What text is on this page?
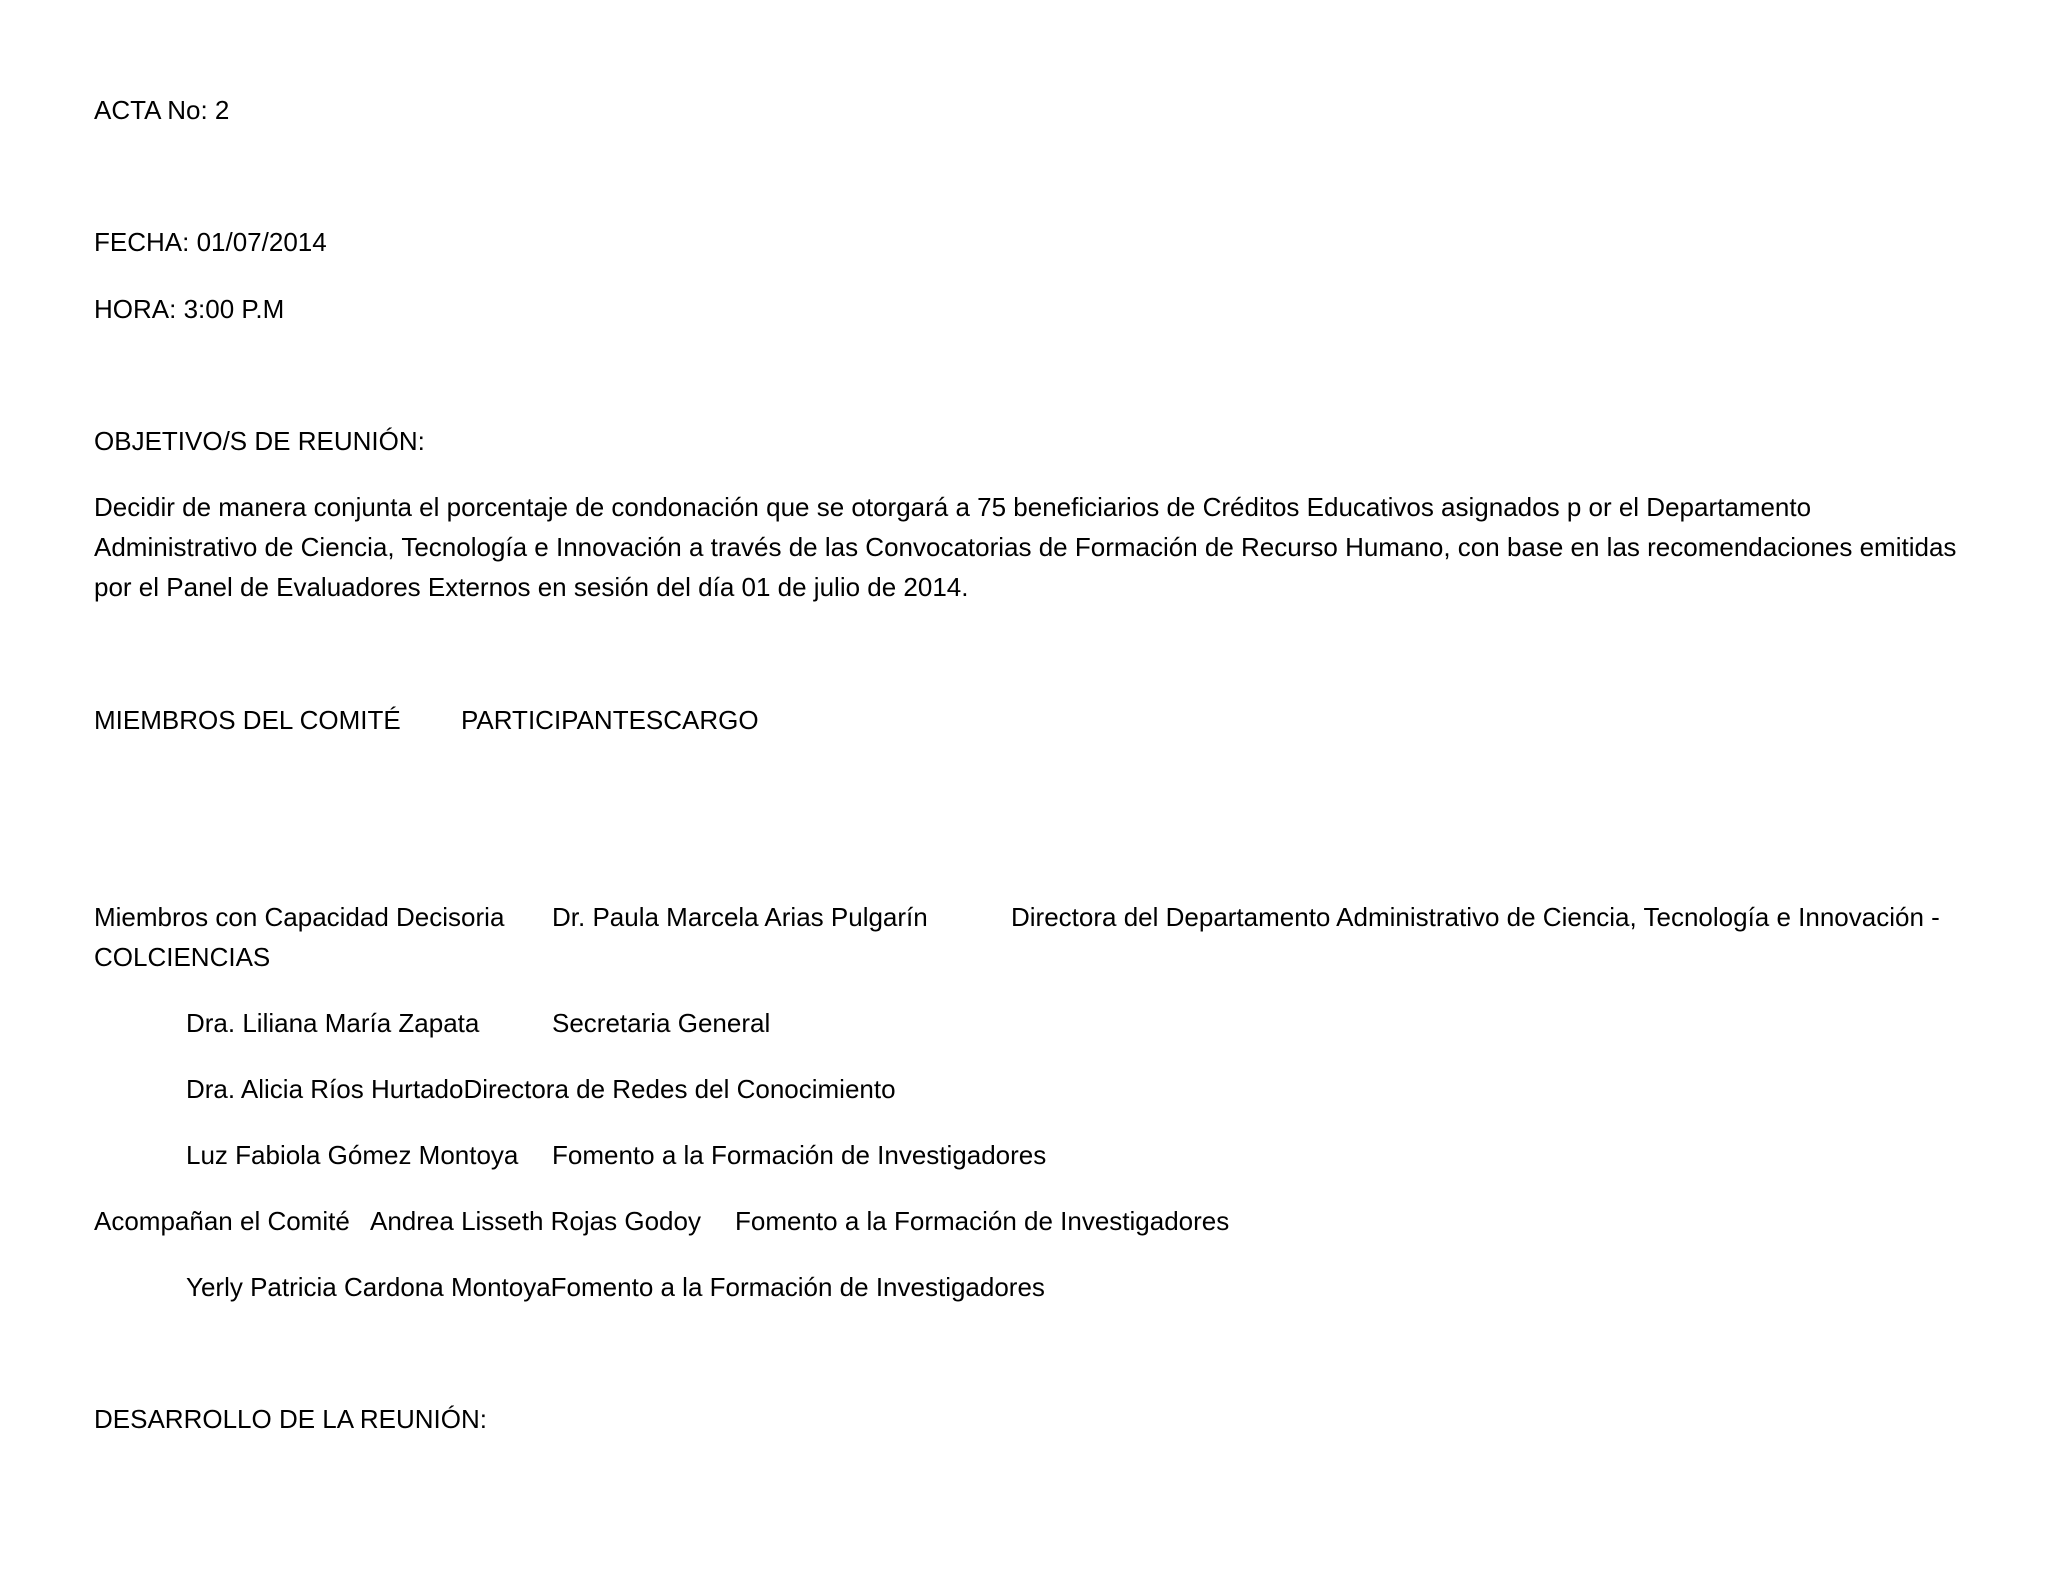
ACTA No: 2
FECHA: 01/07/2014
HORA: 3:00 P.M
OBJETIVO/S DE REUNIÓN:
Decidir de manera conjunta el porcentaje de condonación que se otorgará a 75 beneficiarios de Créditos Educativos asignados p or el Departamento
Administrativo de Ciencia, Tecnología e Innovación a través de las Convocatorias de Formación de Recurso Humano, con base en las recomendaciones emitidas
por el Panel de Evaluadores Externos en sesión del día 01 de julio de 2014.
MIEMBROS DEL COMITÉ PARTICIPANTESCARGO
Miembros con Capacidad Decisoria Dr. Paula Marcela Arias Pulgarín	Directora del Departamento Administrativo de Ciencia, Tecnología e Innovación -
COLCIENCIAS
Dra. Liliana María Zapata	Secretaria General
Dra. Alicia Ríos HurtadoDirectora de Redes del Conocimiento
Luz Fabiola Gómez Montoya Fomento a la Formación de Investigadores
Acompañan el Comité Andrea Lisseth Rojas Godoy Fomento a la Formación de Investigadores
Yerly Patricia Cardona MontoyaFomento a la Formación de Investigadores
DESARROLLO DE LA REUNIÓN:
